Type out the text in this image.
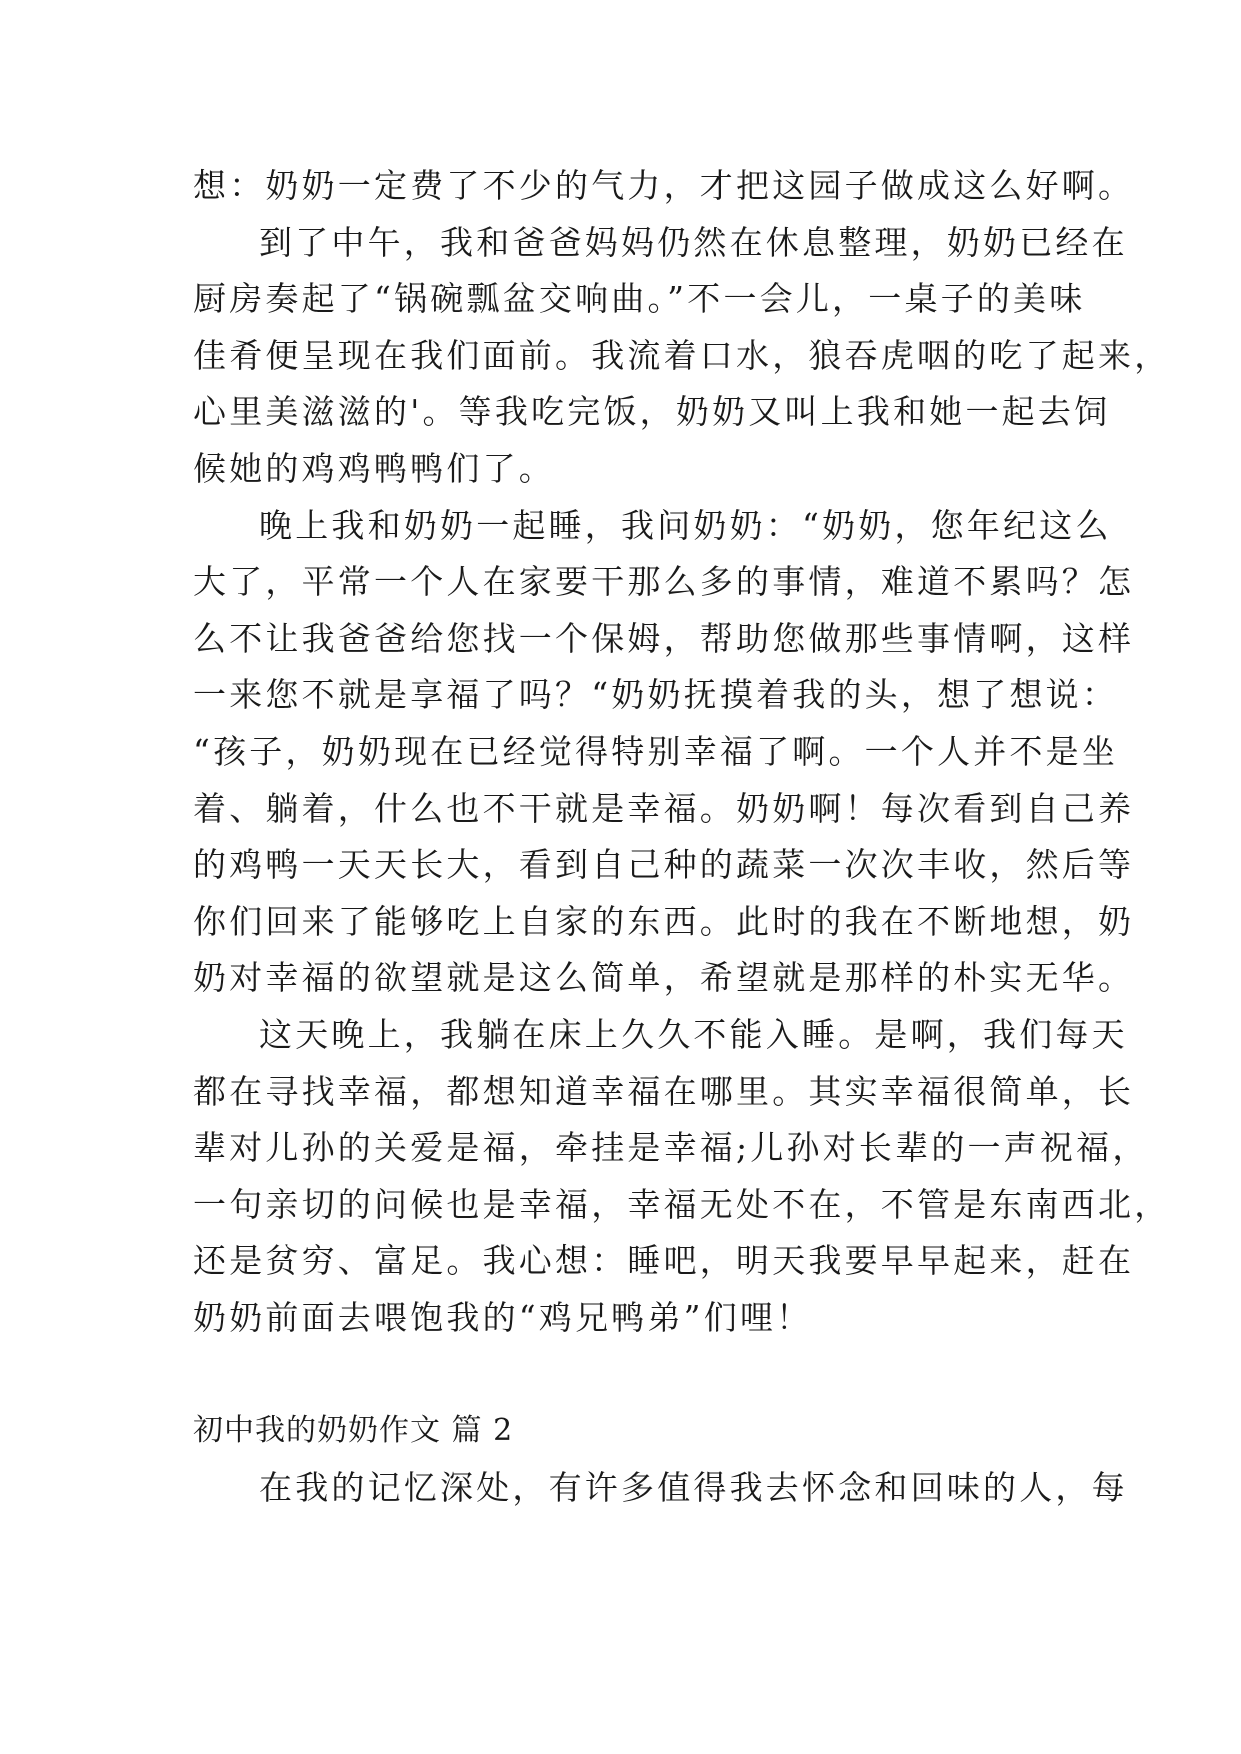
想：奶奶一定费了不少的气力，才把这园子做成这么好啊。
到了中午，我和爸爸妈妈仍然在休息整理，奶奶已经在
厨房奏起了“锅碗瓢盆交响曲。”不一会儿，一桌子的美味
佳肴便呈现在我们面前。我流着口水，狼吞虎咽的吃了起来，
心里美滋滋的'。等我吃完饭，奶奶又叫上我和她一起去饲
候她的鸡鸡鸭鸭们了。
晚上我和奶奶一起睡，我问奶奶：“奶奶，您年纪这么
大了，平常一个人在家要干那么多的事情，难道不累吗？怎
么不让我爸爸给您找一个保姆，帮助您做那些事情啊，这样
一来您不就是享福了吗？“奶奶抚摸着我的头，想了想说：
“孩子，奶奶现在已经觉得特别幸福了啊。一个人并不是坐
着、躺着，什么也不干就是幸福。奶奶啊！每次看到自己养
的鸡鸭一天天长大，看到自己种的蔬菜一次次丰收，然后等
你们回来了能够吃上自家的东西。此时的我在不断地想，奶
奶对幸福的欲望就是这么简单，希望就是那样的朴实无华。
这天晚上，我躺在床上久久不能入睡。是啊，我们每天
都在寻找幸福，都想知道幸福在哪里。其实幸福很简单，长
辈对儿孙的关爱是福，牵挂是幸福;儿孙对长辈的一声祝福，
一句亲切的问候也是幸福，幸福无处不在，不管是东南西北，
还是贫穷、富足。我心想：睡吧，明天我要早早起来，赶在
奶奶前面去喂饱我的“鸡兄鸭弟”们哩！
初中我的奶奶作文 篇 2
在我的记忆深处，有许多值得我去怀念和回味的人，每
